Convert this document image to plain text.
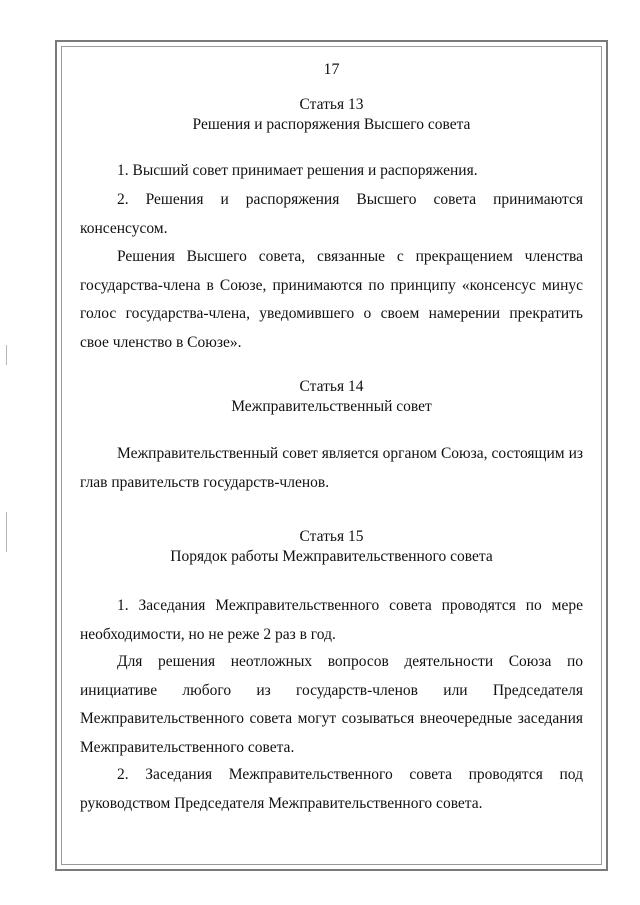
17
Статья 13
Решения и распоряжения Высшего совета
1. Высший совет принимает решения и распоряжения.
2. Решения и распоряжения Высшего совета принимаются консенсусом.
Решения Высшего совета, связанные с прекращением членства государства-члена в Союзе, принимаются по принципу «консенсус минус голос государства-члена, уведомившего о своем намерении прекратить свое членство в Союзе».
Статья 14
Межправительственный совет
Межправительственный совет является органом Союза, состоящим из глав правительств государств-членов.
Статья 15
Порядок работы Межправительственного совета
1. Заседания Межправительственного совета проводятся по мере необходимости, но не реже 2 раз в год.
Для решения неотложных вопросов деятельности Союза по инициативе любого из государств-членов или Председателя Межправительственного совета могут созываться внеочередные заседания Межправительственного совета.
2. Заседания Межправительственного совета проводятся под руководством Председателя Межправительственного совета.
